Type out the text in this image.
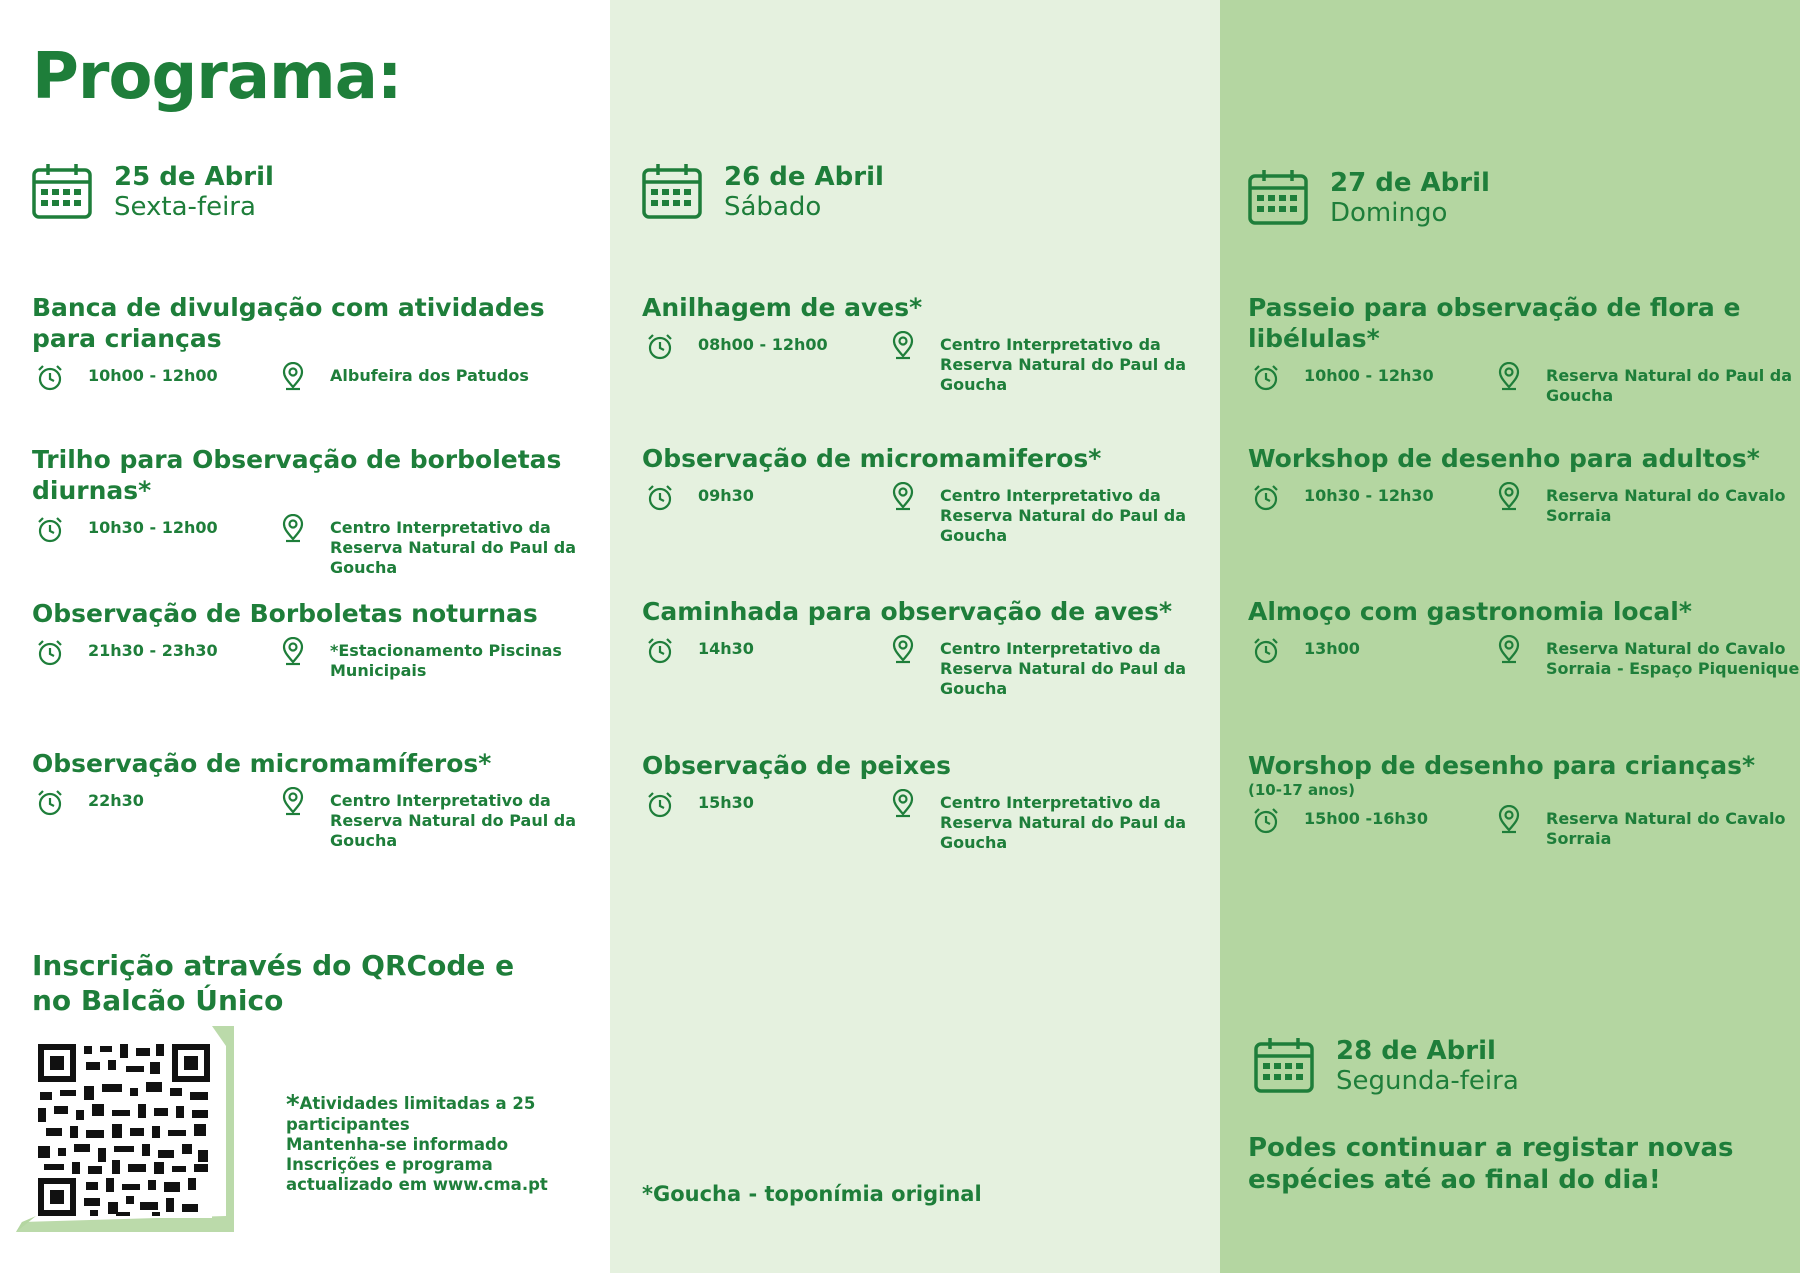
Programa:
25 de Abril
Sexta-feira
26 de Abril
Sábado
27 de Abril
Domingo
Banca de divulgação com atividades para crianças
10h00 - 12h00	Albufeira dos Patudos
Trilho para Observação de borboletas diurnas*
10h30 - 12h00	Centro Interpretativo da Reserva Natural do Paul da Goucha
Observação de Borboletas noturnas
21h30 - 23h30	*Estacionamento Piscinas Municipais
Observação de micromamíferos*
22h30	Centro Interpretativo da Reserva Natural do Paul da Goucha
Anilhagem de aves*
08h00 - 12h00	Centro Interpretativo da Reserva Natural do Paul da Goucha
Observação de micromamiferos*
09h30	Centro Interpretativo da Reserva Natural do Paul da Goucha
Caminhada para observação de aves*
14h30	Centro Interpretativo da Reserva Natural do Paul da Goucha
Observação de peixes
15h30	Centro Interpretativo da Reserva Natural do Paul da Goucha
Passeio para observação de flora e libélulas*
10h00 - 12h30	Reserva Natural do Paul da Goucha
Workshop de desenho para adultos*
10h30 - 12h30	Reserva Natural do Cavalo Sorraia
Almoço com gastronomia local*
13h00	Reserva Natural do Cavalo Sorraia - Espaço Piquenique
Worshop de desenho para crianças*
(10-17 anos)
15h00 -16h30	Reserva Natural do Cavalo Sorraia
Inscrição através do QRCode e no Balcão Único
*Atividades limitadas a 25 participantes
Mantenha-se informado
Inscrições e programa actualizado em www.cma.pt	*Goucha - toponímia original
28 de Abril
Segunda-feira
Podes continuar a registar novas espécies até ao final do dia!
